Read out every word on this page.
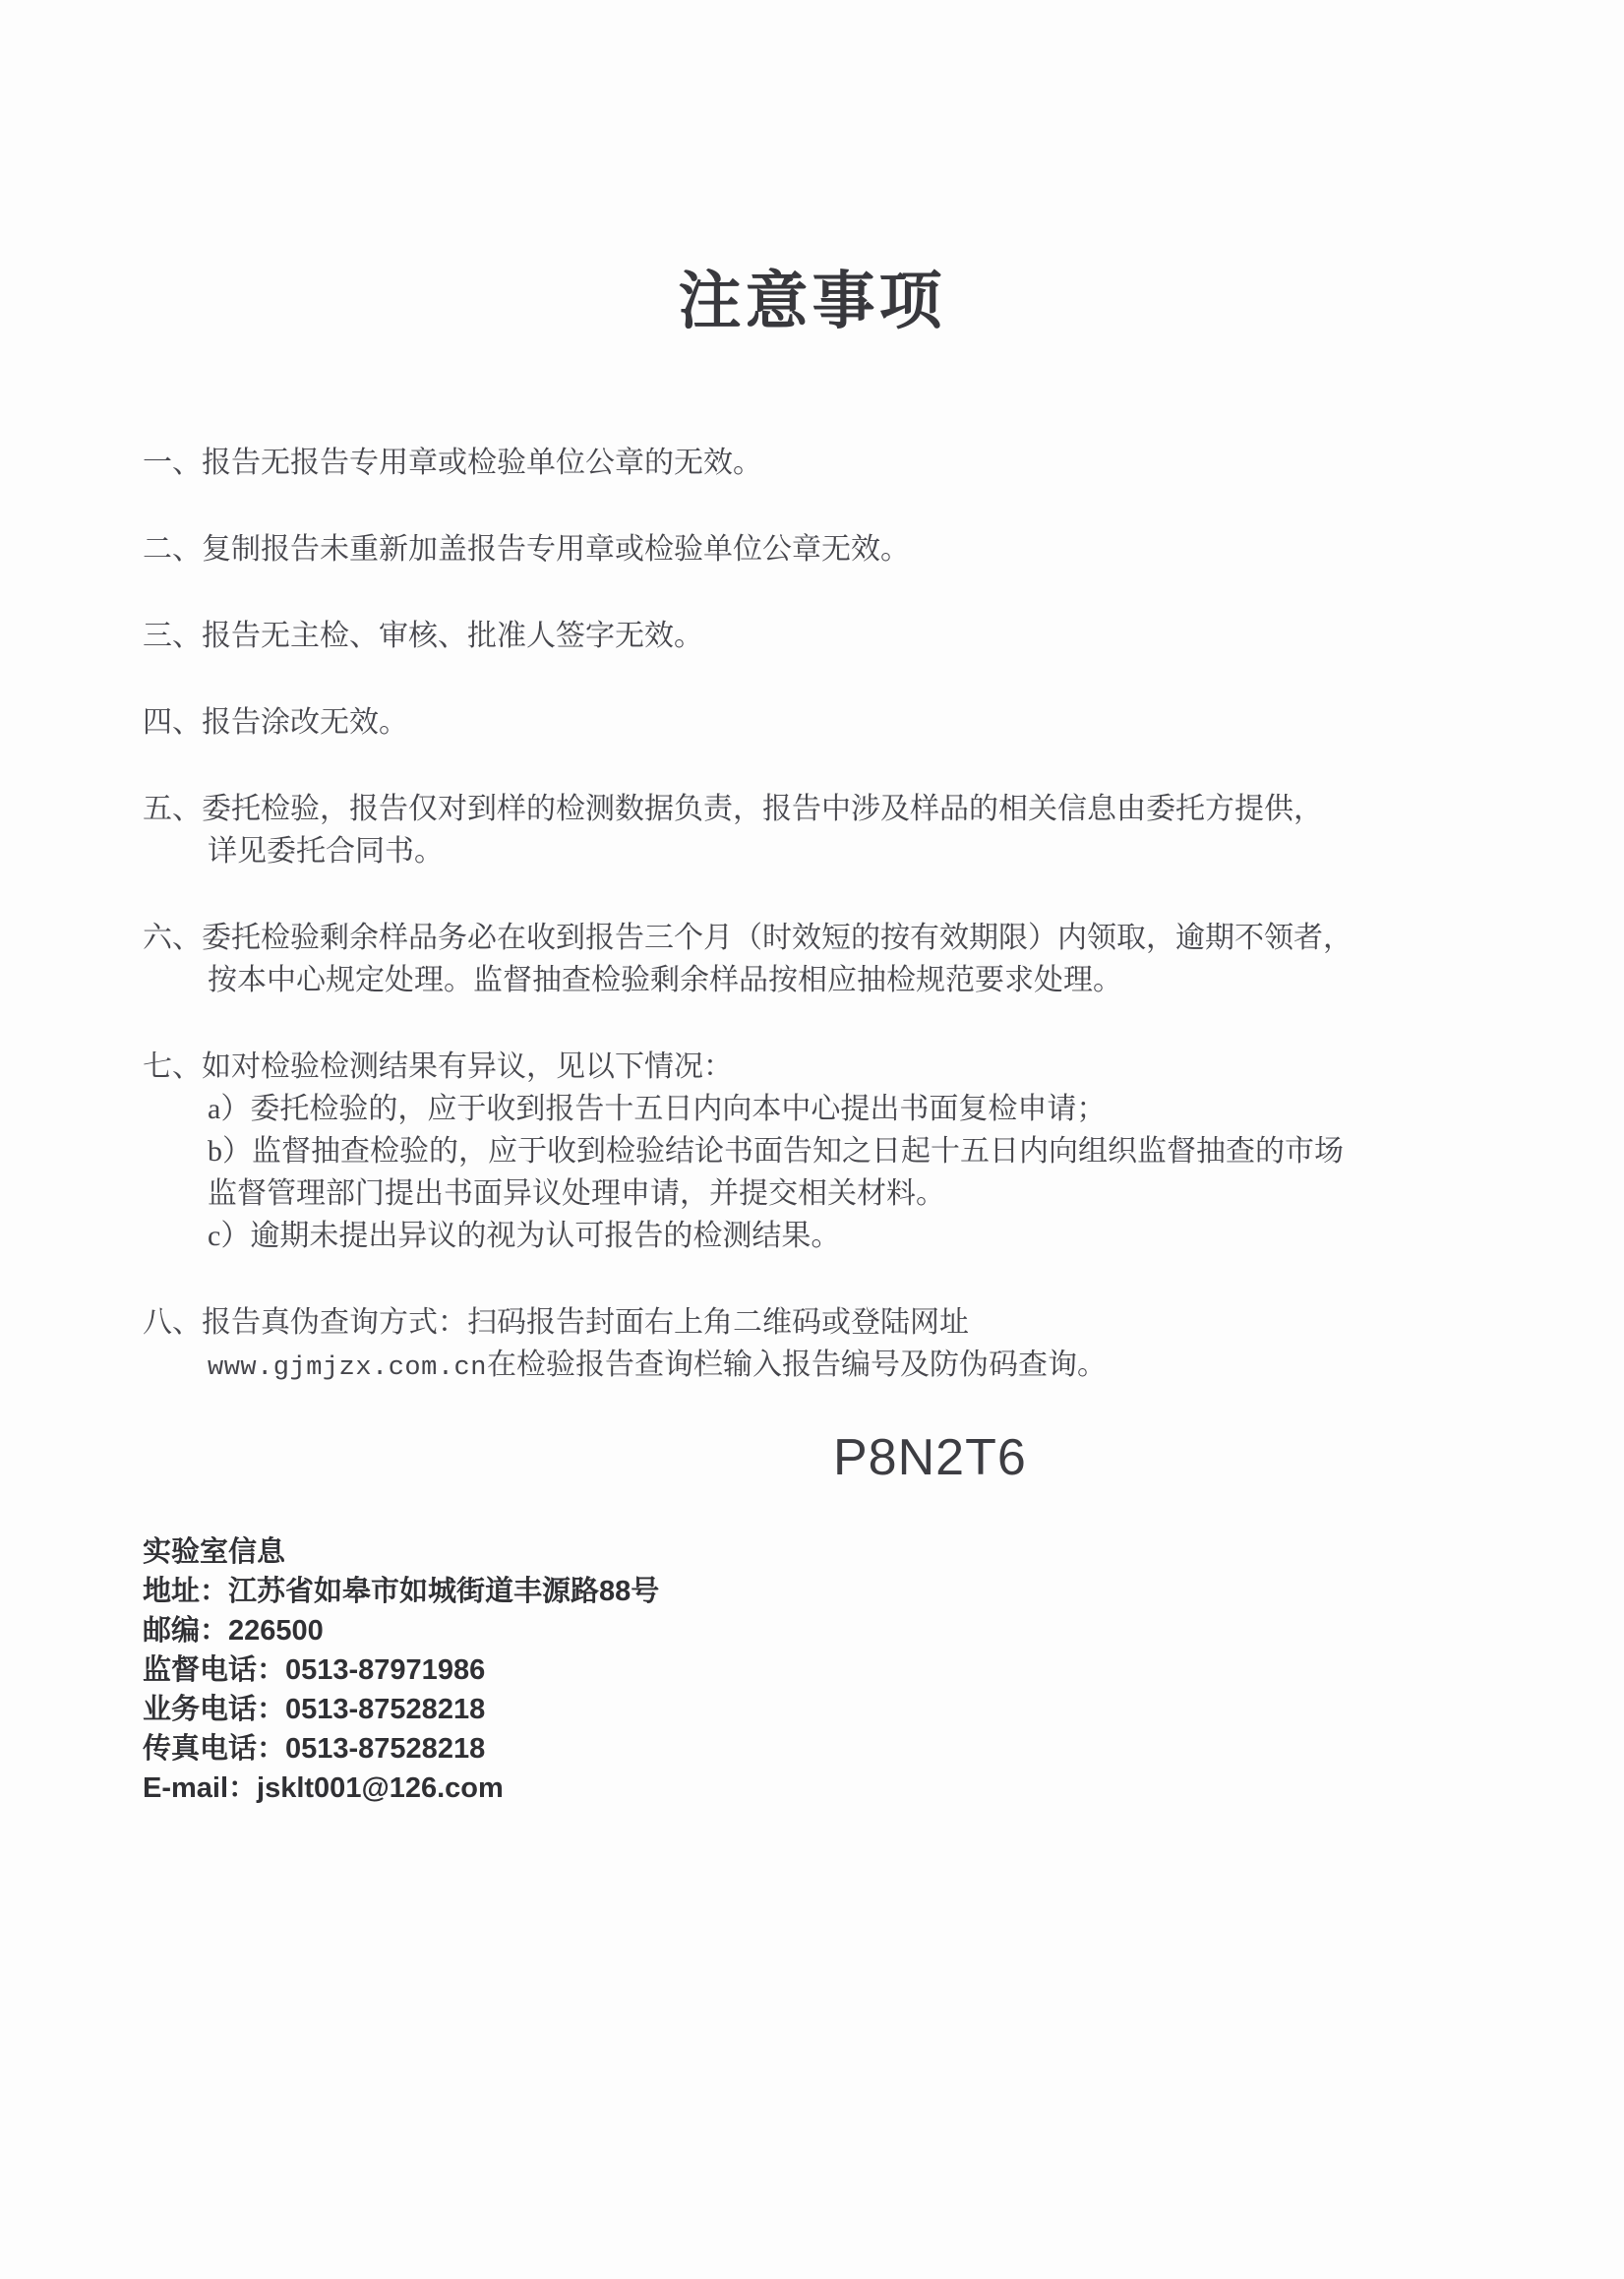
注意事项
一、报告无报告专用章或检验单位公章的无效。
二、复制报告未重新加盖报告专用章或检验单位公章无效。
三、报告无主检、审核、批准人签字无效。
四、报告涂改无效。
五、委托检验，报告仅对到样的检测数据负责，报告中涉及样品的相关信息由委托方提供，
详见委托合同书。
六、委托检验剩余样品务必在收到报告三个月（时效短的按有效期限）内领取，逾期不领者，
按本中心规定处理。监督抽查检验剩余样品按相应抽检规范要求处理。
七、如对检验检测结果有异议，见以下情况：
a）委托检验的，应于收到报告十五日内向本中心提出书面复检申请；
b）监督抽查检验的，应于收到检验结论书面告知之日起十五日内向组织监督抽查的市场
监督管理部门提出书面异议处理申请，并提交相关材料。
c）逾期未提出异议的视为认可报告的检测结果。
八、报告真伪查询方式：扫码报告封面右上角二维码或登陆网址
www.gjmjzx.com.cn在检验报告查询栏输入报告编号及防伪码查询。
P8N2T6
实验室信息
地址：江苏省如皋市如城街道丰源路88号
邮编：226500
监督电话：0513-87971986
业务电话：0513-87528218
传真电话：0513-87528218
E-mail：jsklt001@126.com
